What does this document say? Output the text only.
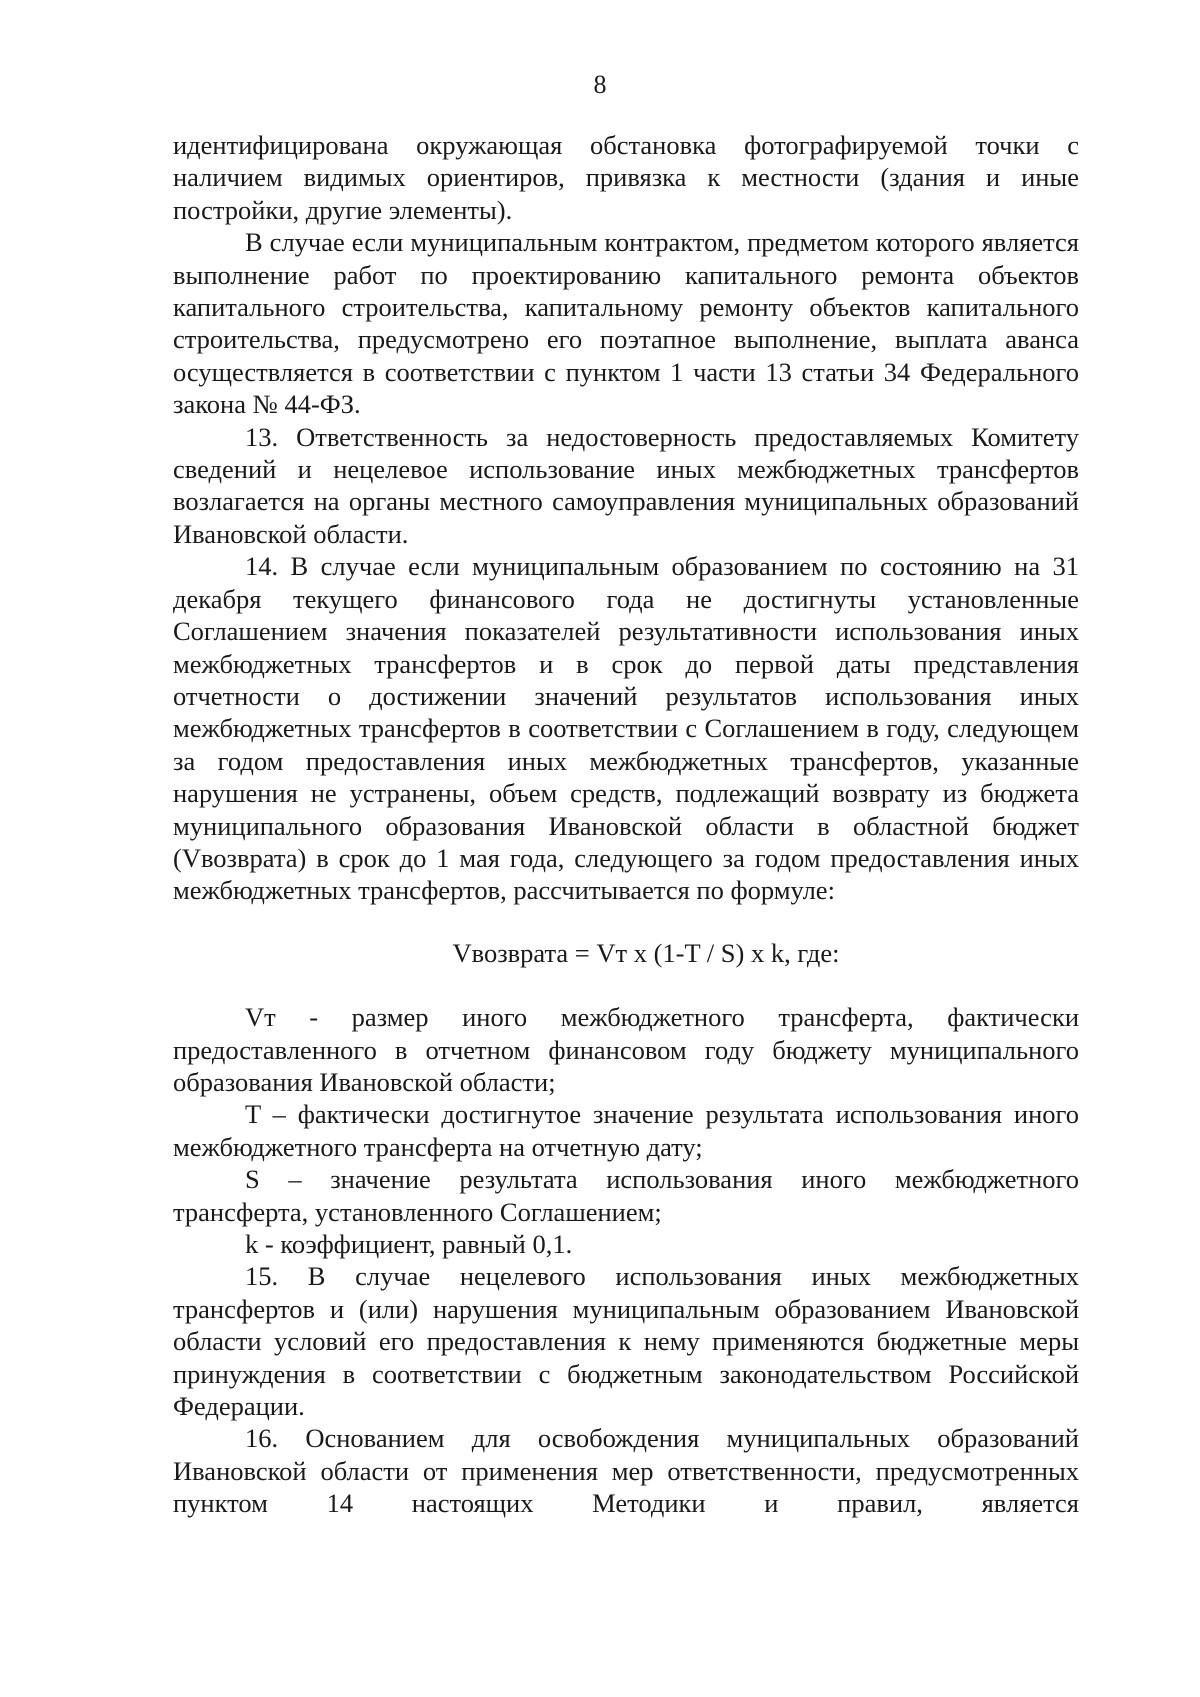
8

идентифицирована окружающая обстановка фотографируемой точки с наличием видимых ориентиров, привязка к местности (здания и иные постройки, другие элементы).

В случае если муниципальным контрактом, предметом которого является выполнение работ по проектированию капитального ремонта объектов капитального строительства, капитальному ремонту объектов капитального строительства, предусмотрено его поэтапное выполнение, выплата аванса осуществляется в соответствии с пунктом 1 части 13 статьи 34 Федерального закона № 44-ФЗ.

13. Ответственность за недостоверность предоставляемых Комитету сведений и нецелевое использование иных межбюджетных трансфертов возлагается на органы местного самоуправления муниципальных образований Ивановской области.

14. В случае если муниципальным образованием по состоянию на 31 декабря текущего финансового года не достигнуты установленные Соглашением значения показателей результативности использования иных межбюджетных трансфертов и в срок до первой даты представления отчетности о достижении значений результатов использования иных межбюджетных трансфертов в соответствии с Соглашением в году, следующем за годом предоставления иных межбюджетных трансфертов, указанные нарушения не устранены, объем средств, подлежащий возврату из бюджета муниципального образования Ивановской области в областной бюджет (Vвозврата) в срок до 1 мая года, следующего за годом предоставления иных межбюджетных трансфертов, рассчитывается по формуле:

Vвозврата = Vт x (1-T / S) x k, где:

Vт - размер иного межбюджетного трансферта, фактически предоставленного в отчетном финансовом году бюджету муниципального образования Ивановской области;

T – фактически достигнутое значение результата использования иного межбюджетного трансферта на отчетную дату;

S – значение результата использования иного межбюджетного трансферта, установленного Соглашением;

k - коэффициент, равный 0,1.

15. В случае нецелевого использования иных межбюджетных трансфертов и (или) нарушения муниципальным образованием Ивановской области условий его предоставления к нему применяются бюджетные меры принуждения в соответствии с бюджетным законодательством Российской Федерации.

16. Основанием для освобождения муниципальных образований Ивановской области от применения мер ответственности, предусмотренных пунктом 14 настоящих Методики и правил, является
